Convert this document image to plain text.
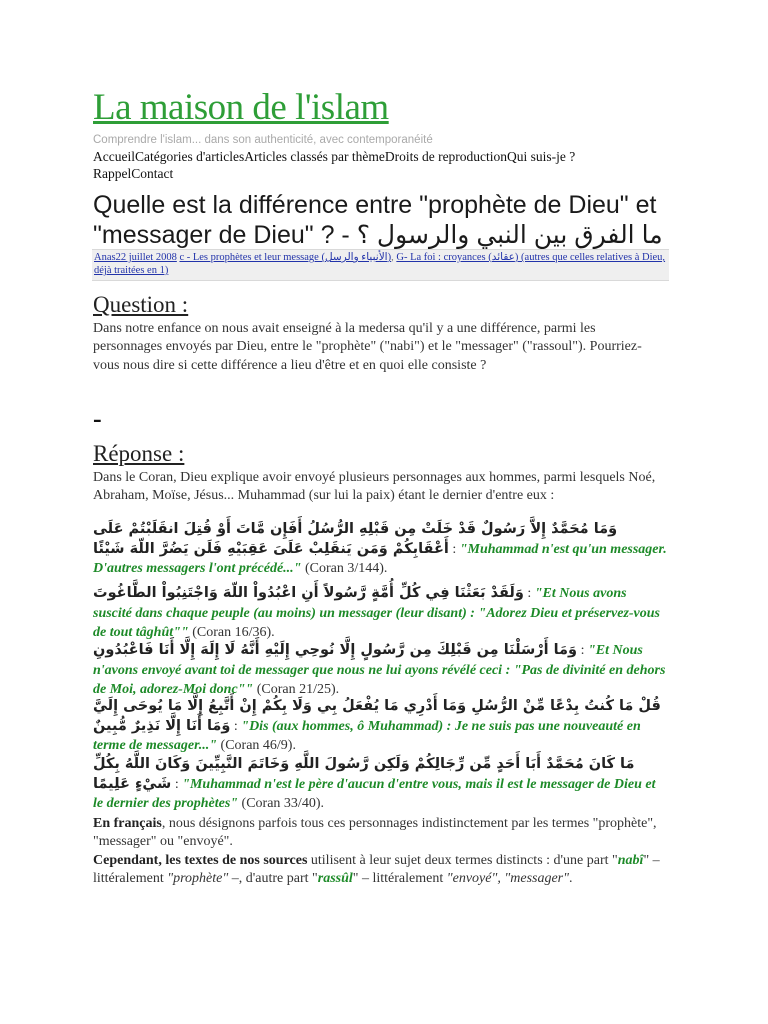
La maison de l'islam
Comprendre l'islam... dans son authenticité, avec contemporanéité
AccueilCatégories d'articlesArticles classés par thèmeDroits de reproductionQui suis-je ?
RappelContact
Quelle est la différence entre "prophète de Dieu" et "messager de Dieu" ? - ما الفرق بين النبي والرسول ؟
Anas22 juillet 2008 c - Les prophètes et leur message (الأنبياء والرسل), G- La foi : croyances (عقائد) (autres que celles relatives à Dieu, déjà traitées en 1)
Question :
Dans notre enfance on nous avait enseigné à la medersa qu'il y a une différence, parmi les personnages envoyés par Dieu, entre le "prophète" ("nabi") et le "messager" ("rassoul"). Pourriez-vous nous dire si cette différence a lieu d'être et en quoi elle consiste ?
-
Réponse :
Dans le Coran, Dieu explique avoir envoyé plusieurs personnages aux hommes, parmi lesquels Noé, Abraham, Moïse, Jésus... Muhammad (sur lui la paix) étant le dernier d'entre eux :
وَمَا مُحَمَّدٌ إِلاَّ رَسُولٌ قَدْ خَلَتْ مِن قَبْلِهِ الرُّسُلُ أَفَإِن مَّاتَ أَوْ قُتِلَ انقَلَبْتُمْ عَلَى أَعْقَابِكُمْ وَمَن يَنقَلِبْ عَلَىَ عَقِبَيْهِ فَلَن يَضُرَّ اللّهَ شَيْئًا : "Muhammad n'est qu'un messager. D'autres messagers l'ont précédé..." (Coran 3/144).
وَلَقَدْ بَعَثْنَا فِي كُلِّ أُمَّةٍ رَّسُولاً أَنِ اعْبُدُواْ اللّهَ وَاجْتَنِبُواْ الطَّاغُوتَ : "Et Nous avons suscité dans chaque peuple (au moins) un messager (leur disant) : "Adorez Dieu et préservez-vous de tout tâghût"" (Coran 16/36).
وَمَا أَرْسَلْنَا مِن قَبْلِكَ مِن رَّسُولٍ إِلَّا نُوحِي إِلَيْهِ أَنَّهُ لَا إِلَهَ إِلَّا أَنَا فَاعْبُدُونِ : "Et Nous n'avons envoyé avant toi de messager que nous ne lui ayons révélé ceci : "Pas de divinité en dehors de Moi, adorez-Moi donc"" (Coran 21/25).
قُلْ مَا كُنتُ بِدْعًا مِّنْ الرُّسُلِ وَمَا أَدْرِي مَا يُفْعَلُ بِي وَلَا بِكُمْ إِنْ أَتَّبِعُ إِلَّا مَا يُوحَى إِلَيَّ وَمَا أَنَا إِلَّا نَذِيرٌ مُّبِينٌ : "Dis (aux hommes, ô Muhammad) : Je ne suis pas une nouveauté en terme de messager..." (Coran 46/9).
مَا كَانَ مُحَمَّدٌ أَبَا أَحَدٍ مِّن رِّجَالِكُمْ وَلَكِن رَّسُولَ اللَّهِ وَخَاتَمَ النَّبِيِّينَ وَكَانَ اللَّهُ بِكُلِّ شَيْءٍ عَلِيمًا : "Muhammad n'est le père d'aucun d'entre vous, mais il est le messager de Dieu et le dernier des prophètes" (Coran 33/40).
En français, nous désignons parfois tous ces personnages indistinctement par les termes "prophète", "messager" ou "envoyé".
Cependant, les textes de nos sources utilisent à leur sujet deux termes distincts : d'une part "nabî" – littéralement "prophète" –, d'autre part "rassûl" – littéralement "envoyé", "messager".
